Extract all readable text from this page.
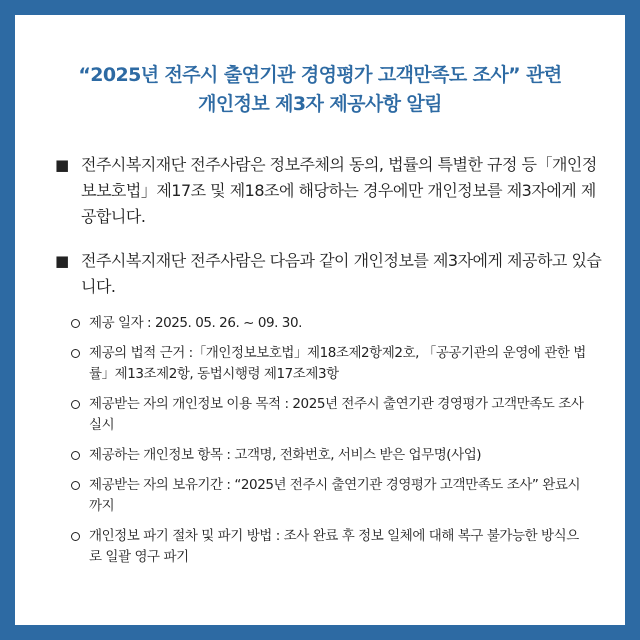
“2025년 전주시 출연기관 경영평가 고객만족도 조사” 관련
개인정보 제3자 제공사항 알림
■ 전주시복지재단 전주사람은 정보주체의 동의, 법률의 특별한 규정 등「개인정보보호법」제17조 및 제18조에 해당하는 경우에만 개인정보를 제3자에게 제공합니다.
■ 전주시복지재단 전주사람은 다음과 같이 개인정보를 제3자에게 제공하고 있습니다.
제공 일자 : 2025. 05. 26. ~ 09. 30.
제공의 법적 근거 :「개인정보보호법」제18조제2항제2호, 「공공기관의 운영에 관한 법률」제13조제2항, 동법시행령 제17조제3항
제공받는 자의 개인정보 이용 목적 : 2025년 전주시 출연기관 경영평가 고객만족도 조사 실시
제공하는 개인정보 항목 : 고객명, 전화번호, 서비스 받은 업무명(사업)
제공받는 자의 보유기간 : “2025년 전주시 출연기관 경영평가 고객만족도 조사” 완료시까지
개인정보 파기 절차 및 파기 방법 : 조사 완료 후 정보 일체에 대해 복구 불가능한 방식으로 일괄 영구 파기
